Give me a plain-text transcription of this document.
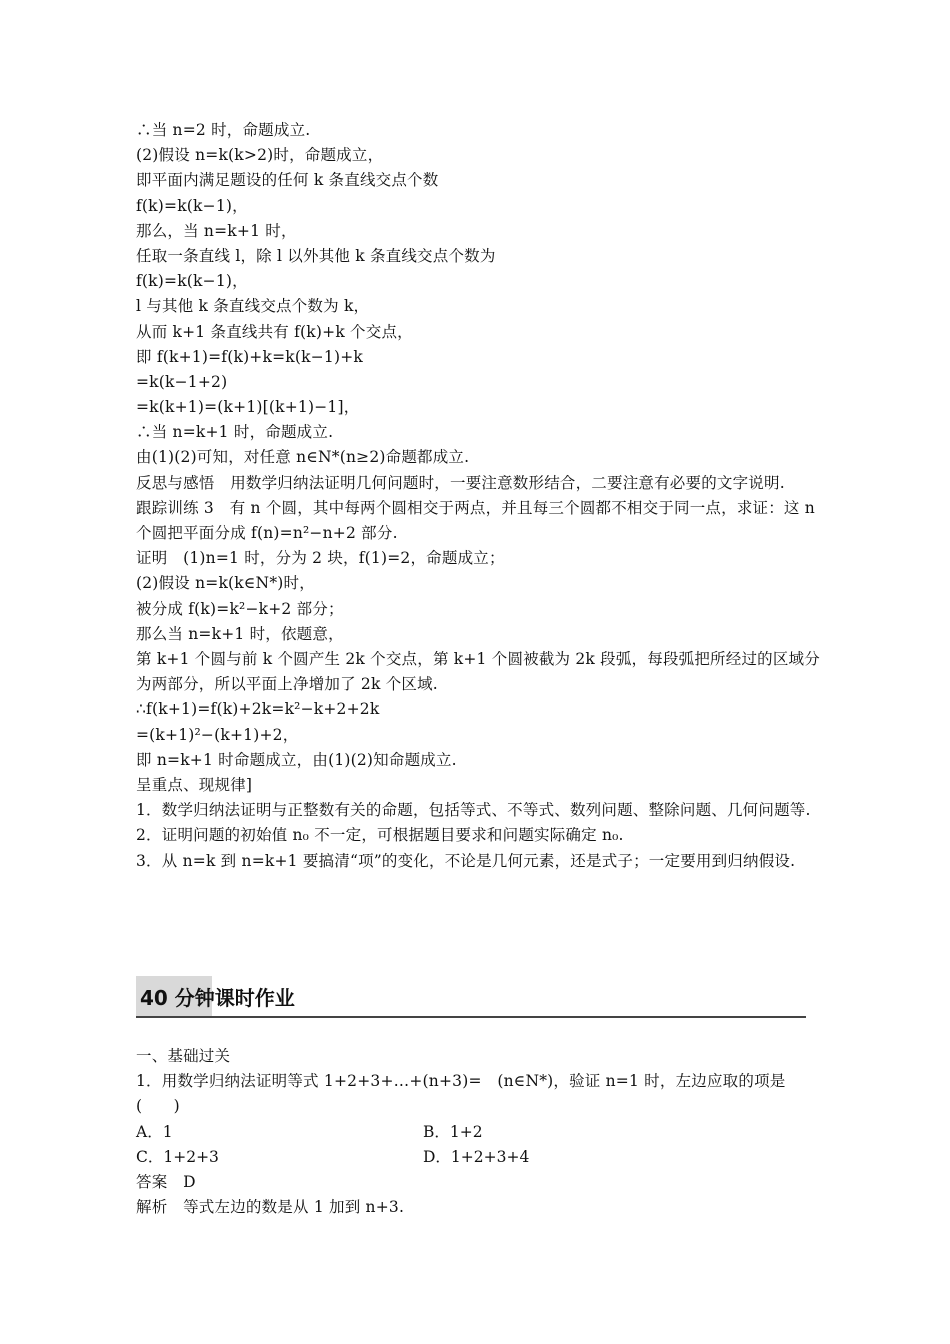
∴当 n=2 时，命题成立.
(2)假设 n=k(k>2)时，命题成立，
即平面内满足题设的任何 k 条直线交点个数
f(k)=k(k−1)，
那么，当 n=k+1 时，
任取一条直线 l，除 l 以外其他 k 条直线交点个数为
f(k)=k(k−1)，
l 与其他 k 条直线交点个数为 k，
从而 k+1 条直线共有 f(k)+k 个交点，
即 f(k+1)=f(k)+k=k(k−1)+k
=k(k−1+2)
=k(k+1)=(k+1)[(k+1)−1]，
∴当 n=k+1 时，命题成立.
由(1)(2)可知，对任意 n∈N*(n≥2)命题都成立.
反思与感悟　用数学归纳法证明几何问题时，一要注意数形结合，二要注意有必要的文字说明.
跟踪训练 3　有 n 个圆，其中每两个圆相交于两点，并且每三个圆都不相交于同一点，求证：这 n 个圆把平面分成 f(n)=n²−n+2 部分.
证明　(1)n=1 时，分为 2 块，f(1)=2，命题成立；
(2)假设 n=k(k∈N*)时，
被分成 f(k)=k²−k+2 部分；
那么当 n=k+1 时，依题意，
第 k+1 个圆与前 k 个圆产生 2k 个交点，第 k+1 个圆被截为 2k 段弧，每段弧把所经过的区域分为两部分，所以平面上净增加了 2k 个区域.
∴f(k+1)=f(k)+2k=k²−k+2+2k
=(k+1)²−(k+1)+2，
即 n=k+1 时命题成立，由(1)(2)知命题成立.
呈重点、现规律]
1．数学归纳法证明与正整数有关的命题，包括等式、不等式、数列问题、整除问题、几何问题等.
2．证明问题的初始值 n₀ 不一定，可根据题目要求和问题实际确定 n₀.
3．从 n=k 到 n=k+1 要搞清“项”的变化，不论是几何元素，还是式子；一定要用到归纳假设.
40 分钟课时作业
一、基础过关
1．用数学归纳法证明等式 1+2+3+…+(n+3)=　(n∈N*)，验证 n=1 时，左边应取的项是(　　)
A．1	B．1+2
C．1+2+3	D．1+2+3+4
答案　D
解析　等式左边的数是从 1 加到 n+3.
